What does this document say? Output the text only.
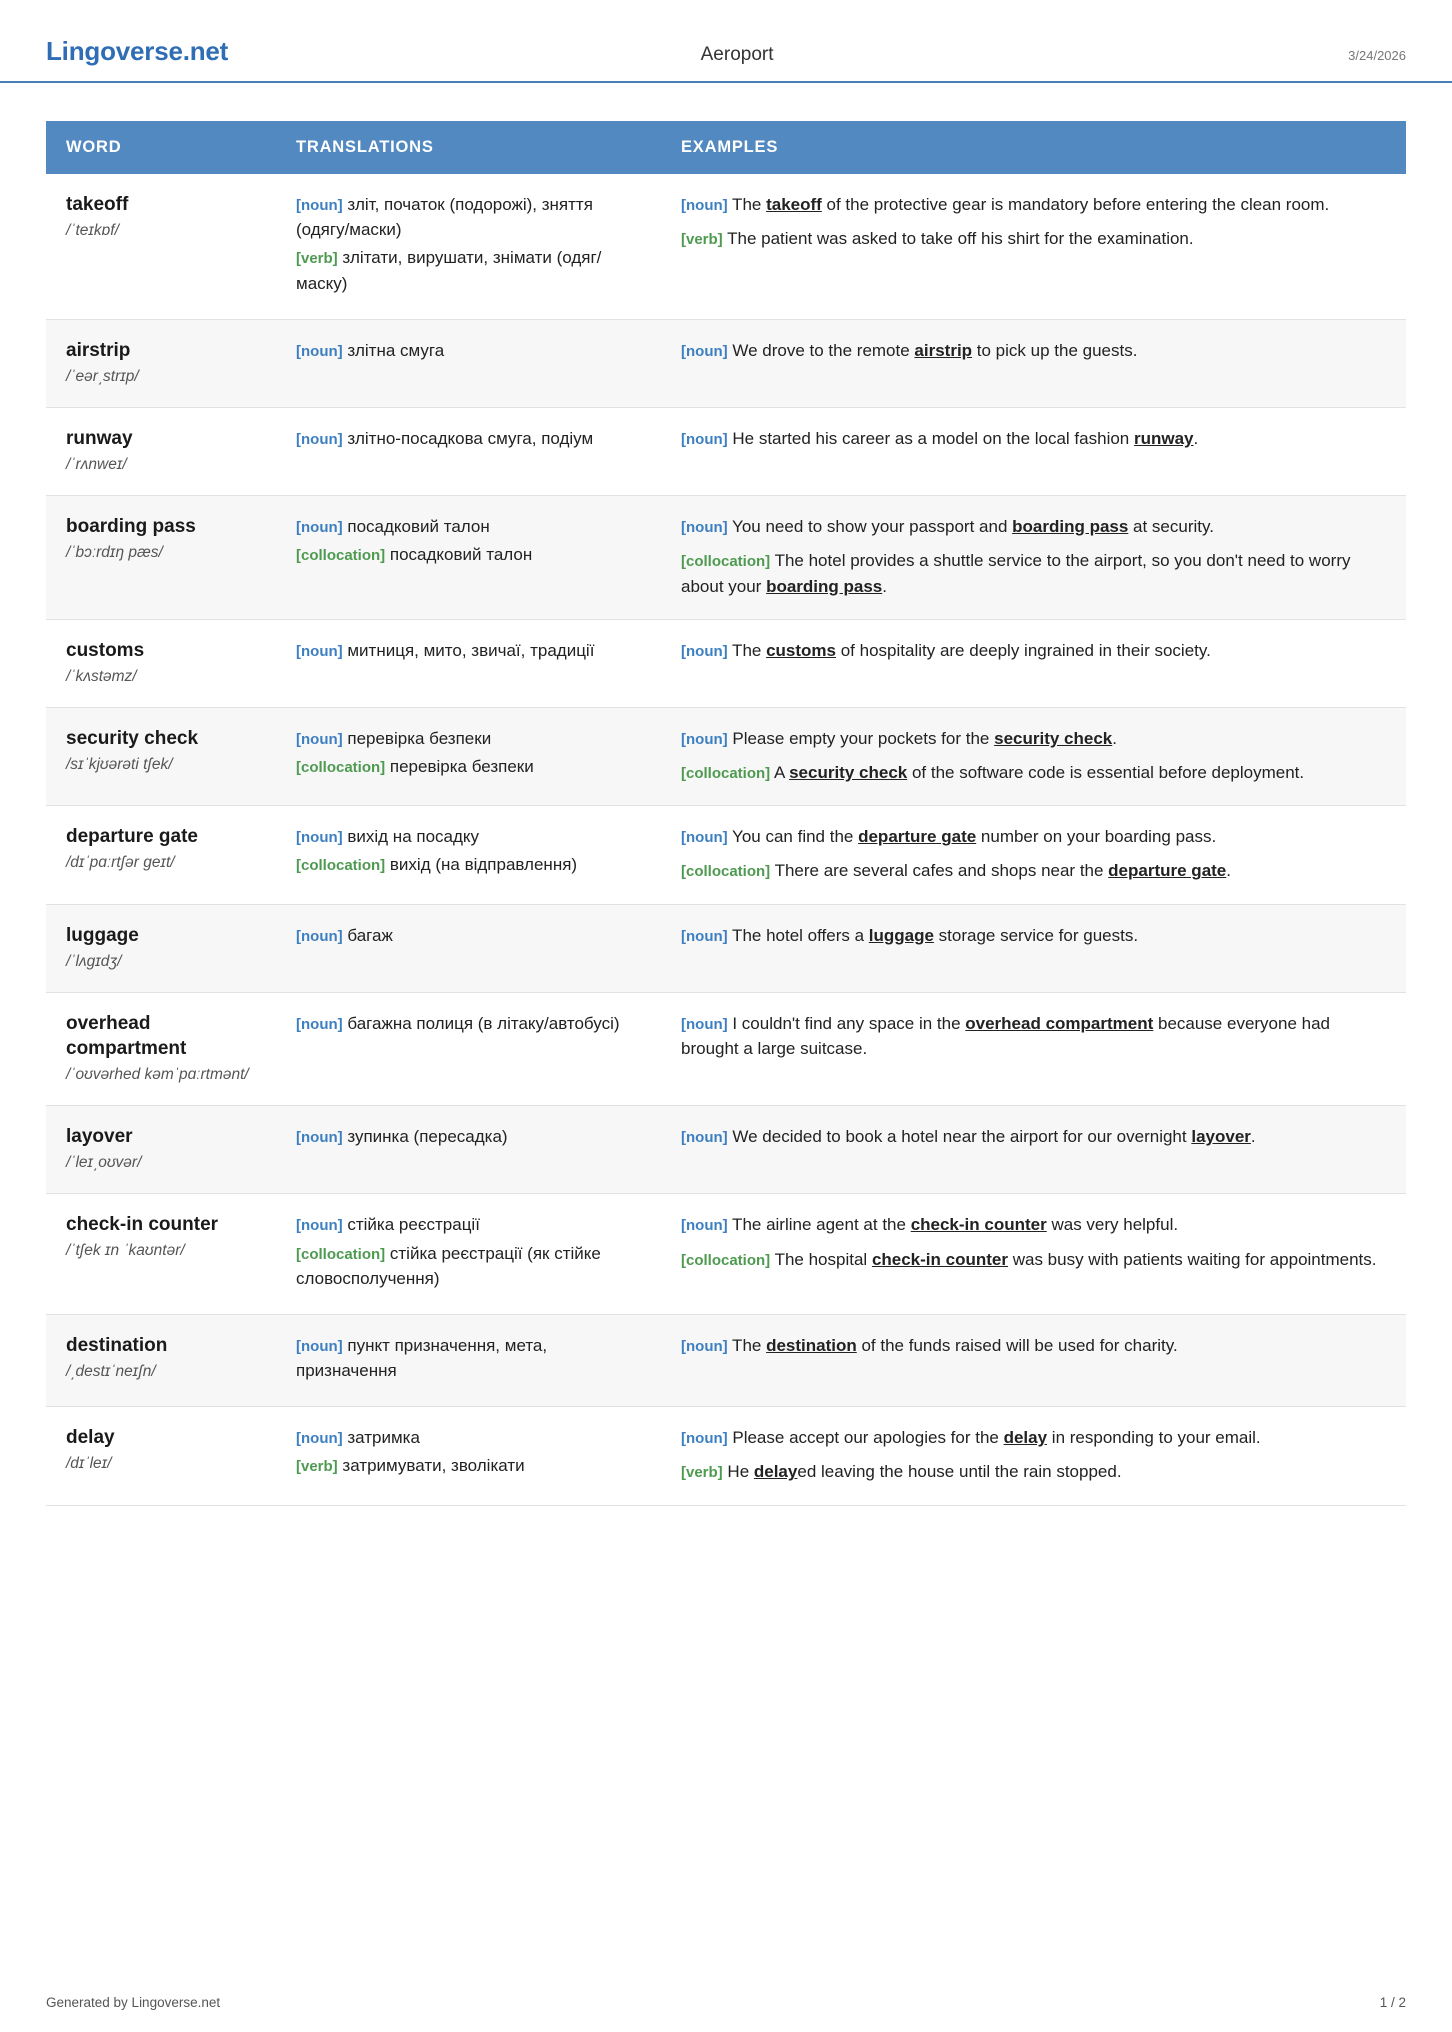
Lingoverse.net	Aeroport	3/24/2026
WORD	TRANSLATIONS	EXAMPLES

takeoff
/ˈteɪkɒf/

[noun] зліт, початок (подорожі), зняття (одягу/маски)
[verb] злітати, вирушати, знімати (одяг/маску)

[noun] The takeoff of the protective gear is mandatory before entering the clean room.
[verb] The patient was asked to take off his shirt for the examination.

airstrip
/ˈeər͵strɪp/	[noun] злітна смуга	[noun] We drove to the remote airstrip to pick up the guests.

runway
/ˈrʌnweɪ/	[noun] злітно-посадкова смуга, подіум	[noun] He started his career as a model on the local fashion runway.

boarding pass
/ˈbɔːrdɪŋ pæs/

[noun] посадковий талон
[collocation] посадковий талон

[noun] You need to show your passport and boarding pass at security.
[collocation] The hotel provides a shuttle service to the airport, so you don't need to worry about your boarding pass.

customs
/ˈkʌstəmz/	[noun] митниця, мито, звичаї, традиції	[noun] The customs of hospitality are deeply ingrained in their society.

security check
/sɪˈkjʊərəti tʃek/

[noun] перевірка безпеки
[collocation] перевірка безпеки

[noun] Please empty your pockets for the security check.
[collocation] A security check of the software code is essential before deployment.

departure gate
/dɪˈpɑːrtʃər ɡeɪt/

[noun] вихід на посадку
[collocation] вихід (на відправлення)

[noun] You can find the departure gate number on your boarding pass.
[collocation] There are several cafes and shops near the departure gate.

luggage
/ˈlʌɡɪdʒ/	[noun] багаж	[noun] The hotel offers a luggage storage service for guests.

overhead compartment
/ˈoʊvərhed kəmˈpɑːrtmənt/	[noun] багажна полиця (в літаку/автобусі)	[noun] I couldn't find any space in the overhead compartment because everyone had brought a large suitcase.

layover
/ˈleɪ͵oʊvər/	[noun] зупинка (пересадка)	[noun] We decided to book a hotel near the airport for our overnight layover.

check-in counter
/ˈtʃek ɪn ˈkaʊntər/

[noun] стійка реєстрації
[collocation] стійка реєстрації (як стійке словосполучення)

[noun] The airline agent at the check-in counter was very helpful.
[collocation] The hospital check-in counter was busy with patients waiting for appointments.

destination
/͵destɪˈneɪʃn/	[noun] пункт призначення, мета, призначення	[noun] The destination of the funds raised will be used for charity.

delay
/dɪˈleɪ/

[noun] затримка
[verb] затримувати, зволікати

[noun] Please accept our apologies for the delay in responding to your email.
[verb] He delayed leaving the house until the rain stopped.
Generated by Lingoverse.net	1 / 2
